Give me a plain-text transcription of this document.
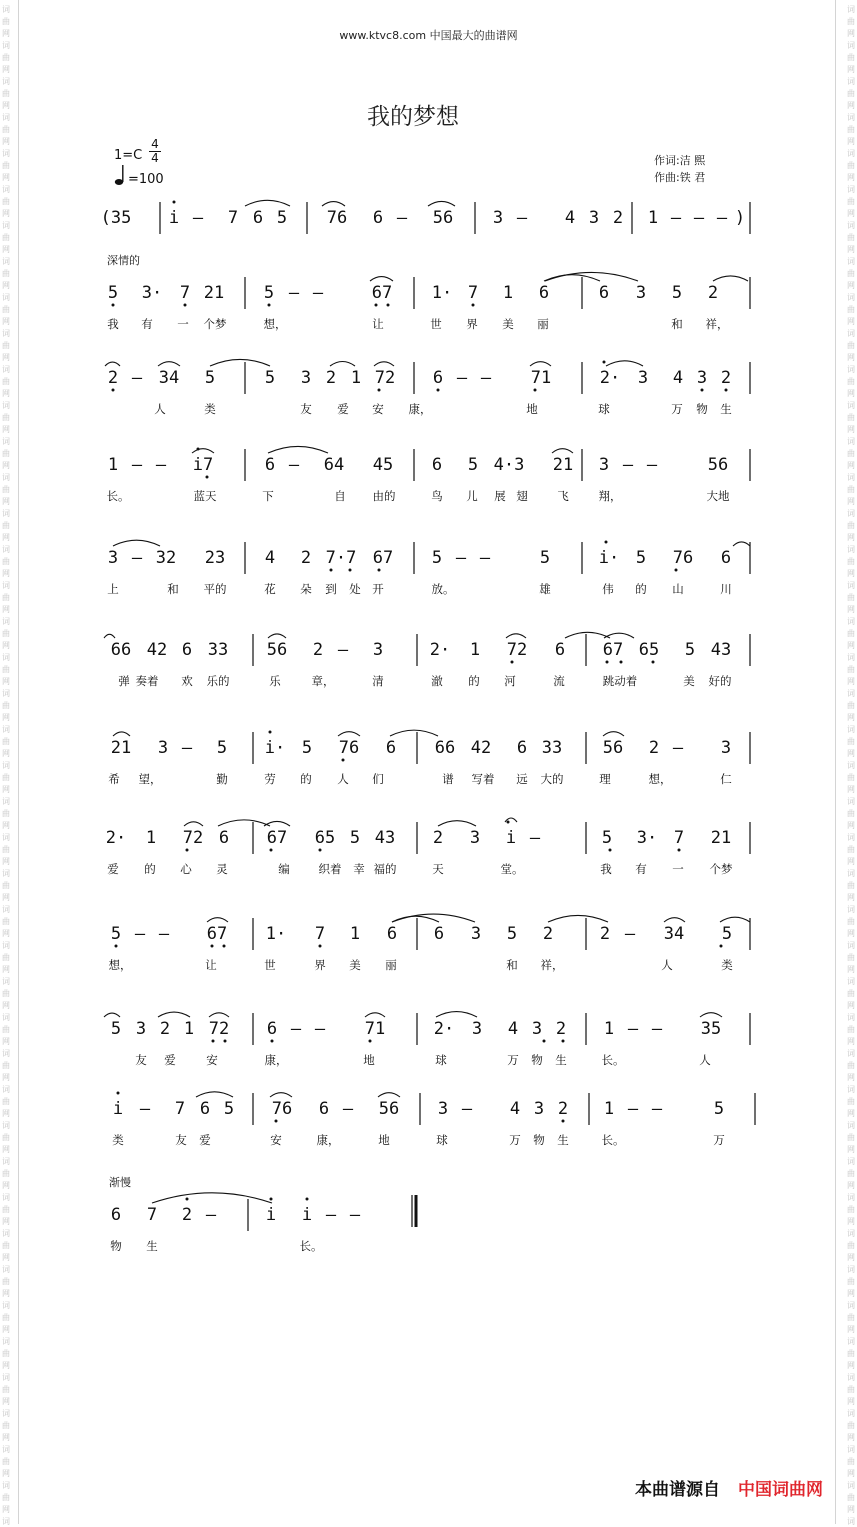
词
曲
网
词
曲
网
词
曲
网
词
曲
网
词
曲
网
词
曲
网
词
曲
网
词
曲
网
词
曲
网
词
曲
网
词
曲
网
词
曲
网
词
曲
网
词
曲
网
词
曲
网
词
曲
网
词
曲
网
词
曲
网
词
曲
网
词
曲
网
词
曲
网
词
曲
网
词
曲
网
词
曲
网
词
曲
网
词
曲
网
词
曲
网
词
曲
网
词
曲
网
词
曲
网
词
曲
网
词
曲
网
词
曲
网
词
曲
网
词
曲
网
词
曲
网
词
曲
网
词
曲
网
词
曲
网
词
曲
网
词
曲
网
词
曲
网
词
词
曲
网
词
曲
网
词
曲
网
词
曲
网
词
曲
网
词
曲
网
词
曲
网
词
曲
网
词
曲
网
词
曲
网
词
曲
网
词
曲
网
词
曲
网
词
曲
网
词
曲
网
词
曲
网
词
曲
网
词
曲
网
词
曲
网
词
曲
网
词
曲
网
词
曲
网
词
曲
网
词
曲
网
词
曲
网
词
曲
网
词
曲
网
词
曲
网
词
曲
网
词
曲
网
词
曲
网
词
曲
网
词
曲
网
词
曲
网
词
曲
网
词
曲
网
词
曲
网
词
曲
网
词
曲
网
词
曲
网
词
曲
网
词
曲
网
词
www.ktvc8.com 中国最大的曲谱网
我的梦想
1=C
4
4
=100
作词:洁 熙
作曲:铁 君
深情的
渐慢
(35 i – 7 6 5 76 6 – 56 3 – 4 3 2 1 – – – )
5 3· 7 21 5 – –	67 1· 7 1 6	6 3 5 2
我 有 一 个梦	想，	让	世 界 美 丽	和 祥，
2 – 34 5	5 3 2 1 72 6 – – 71	2· 3 4 3 2
人	类	友 爱 安 康，	地	球	万 物 生
1 – – i7	6 – 64 45 6 5 4·3 21 3 – –	56
长。	蓝天	下	自 由的	鸟 儿 展 翅	飞	翔，	大地
3 – 32 23 4 2 7·7 67 5 – –	5	i· 5 76 6
上	和 平的	花 朵 到 处 开	放。	雄	伟 的 山	川
66 42 6 33 56 2 – 3	2· 1 72 6 67 65 5 43
弹 奏着 欢 乐的	乐	章，	清	澈 的 河	流	跳动着	美 好的
21 3 – 5 i· 5 76 6 66 42 6 33 56 2 – 3
希 望，	勤	劳 的 人 们	谱 写着 远 大的	理	想，	仁
2· 1 72 6 67 65 5 43 2 3 i –	5 3· 7 21
爱 的 心 灵	编	织着 幸 福的	天	堂。	我 有 一 个梦
5 – – 67 1· 7 1 6 6 3 5 2	2 – 34 5
想，	让	世	界 美 丽	和 祥，	人	类
5 3 2 1 72 6 – – 71	2· 3 4 3 2 1 – – 35
友 爱	安	康，	地	球	万 物 生	长。	人
i – 7 6 5 76 6 – 56 3 – 4 3 2 1 – –	5
类	友 爱	安	康，	地	球	万 物 生	长。	万
6 7 2 –	i i – –
物 生	长。
本曲谱源自 中国词曲网
